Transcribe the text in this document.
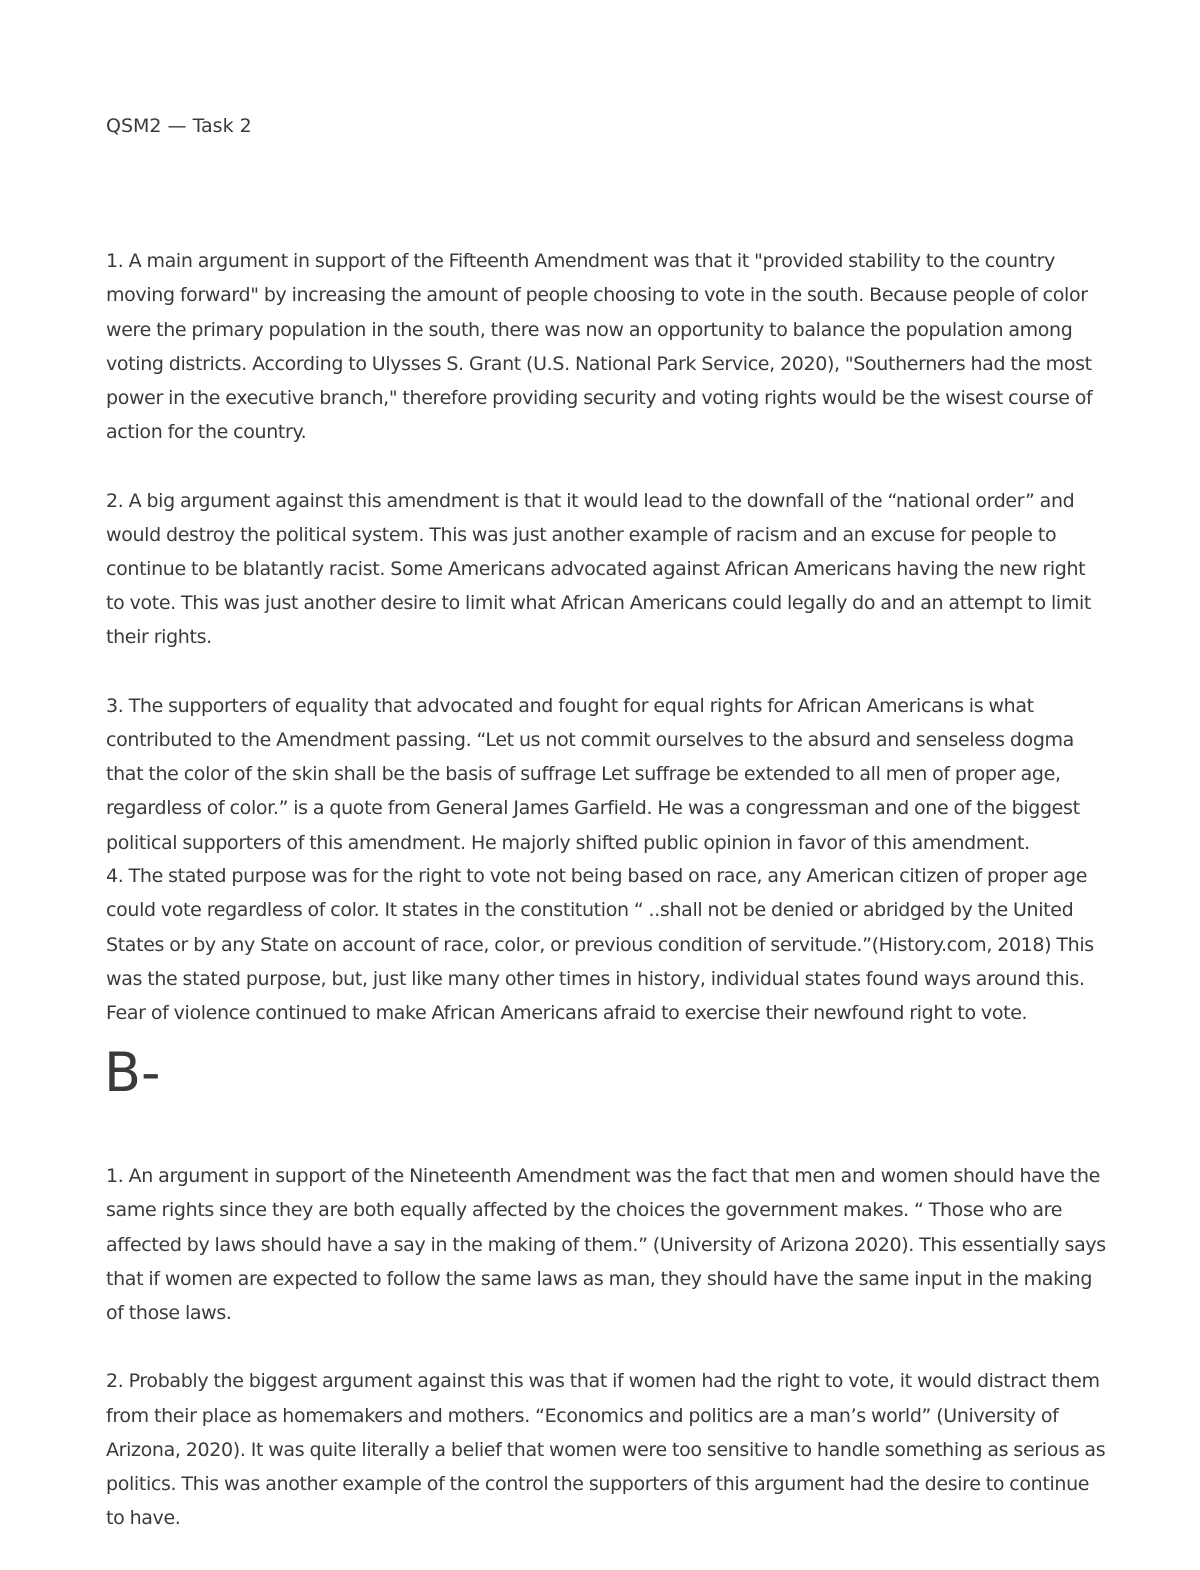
QSM2 — Task 2

1. A main argument in support of the Fifteenth Amendment was that it "provided stability to the country moving forward" by increasing the amount of people choosing to vote in the south. Because people of color were the primary population in the south, there was now an opportunity to balance the population among voting districts. According to Ulysses S. Grant (U.S. National Park Service, 2020), "Southerners had the most power in the executive branch," therefore providing security and voting rights would be the wisest course of action for the country.

2. A big argument against this amendment is that it would lead to the downfall of the “national order” and would destroy the political system. This was just another example of racism and an excuse for people to continue to be blatantly racist. Some Americans advocated against African Americans having the new right to vote. This was just another desire to limit what African Americans could legally do and an attempt to limit their rights.

3. The supporters of equality that advocated and fought for equal rights for African Americans is what contributed to the Amendment passing. “Let us not commit ourselves to the absurd and senseless dogma that the color of the skin shall be the basis of suffrage Let suffrage be extended to all men of proper age, regardless of color.” is a quote from General James Garfield. He was a congressman and one of the biggest political supporters of this amendment. He majorly shifted public opinion in favor of this amendment.

4. The stated purpose was for the right to vote not being based on race, any American citizen of proper age could vote regardless of color. It states in the constitution “ ..shall not be denied or abridged by the United States or by any State on account of race, color, or previous condition of servitude.”(History.com, 2018) This was the stated purpose, but, just like many other times in history, individual states found ways around this. Fear of violence continued to make African Americans afraid to exercise their newfound right to vote.

B-

1. An argument in support of the Nineteenth Amendment was the fact that men and women should have the same rights since they are both equally affected by the choices the government makes. “ Those who are affected by laws should have a say in the making of them.” (University of Arizona 2020). This essentially says that if women are expected to follow the same laws as man, they should have the same input in the making of those laws.

2. Probably the biggest argument against this was that if women had the right to vote, it would distract them from their place as homemakers and mothers. “Economics and politics are a man’s world” (University of Arizona, 2020). It was quite literally a belief that women were too sensitive to handle something as serious as politics. This was another example of the control the supporters of this argument had the desire to continue to have.
